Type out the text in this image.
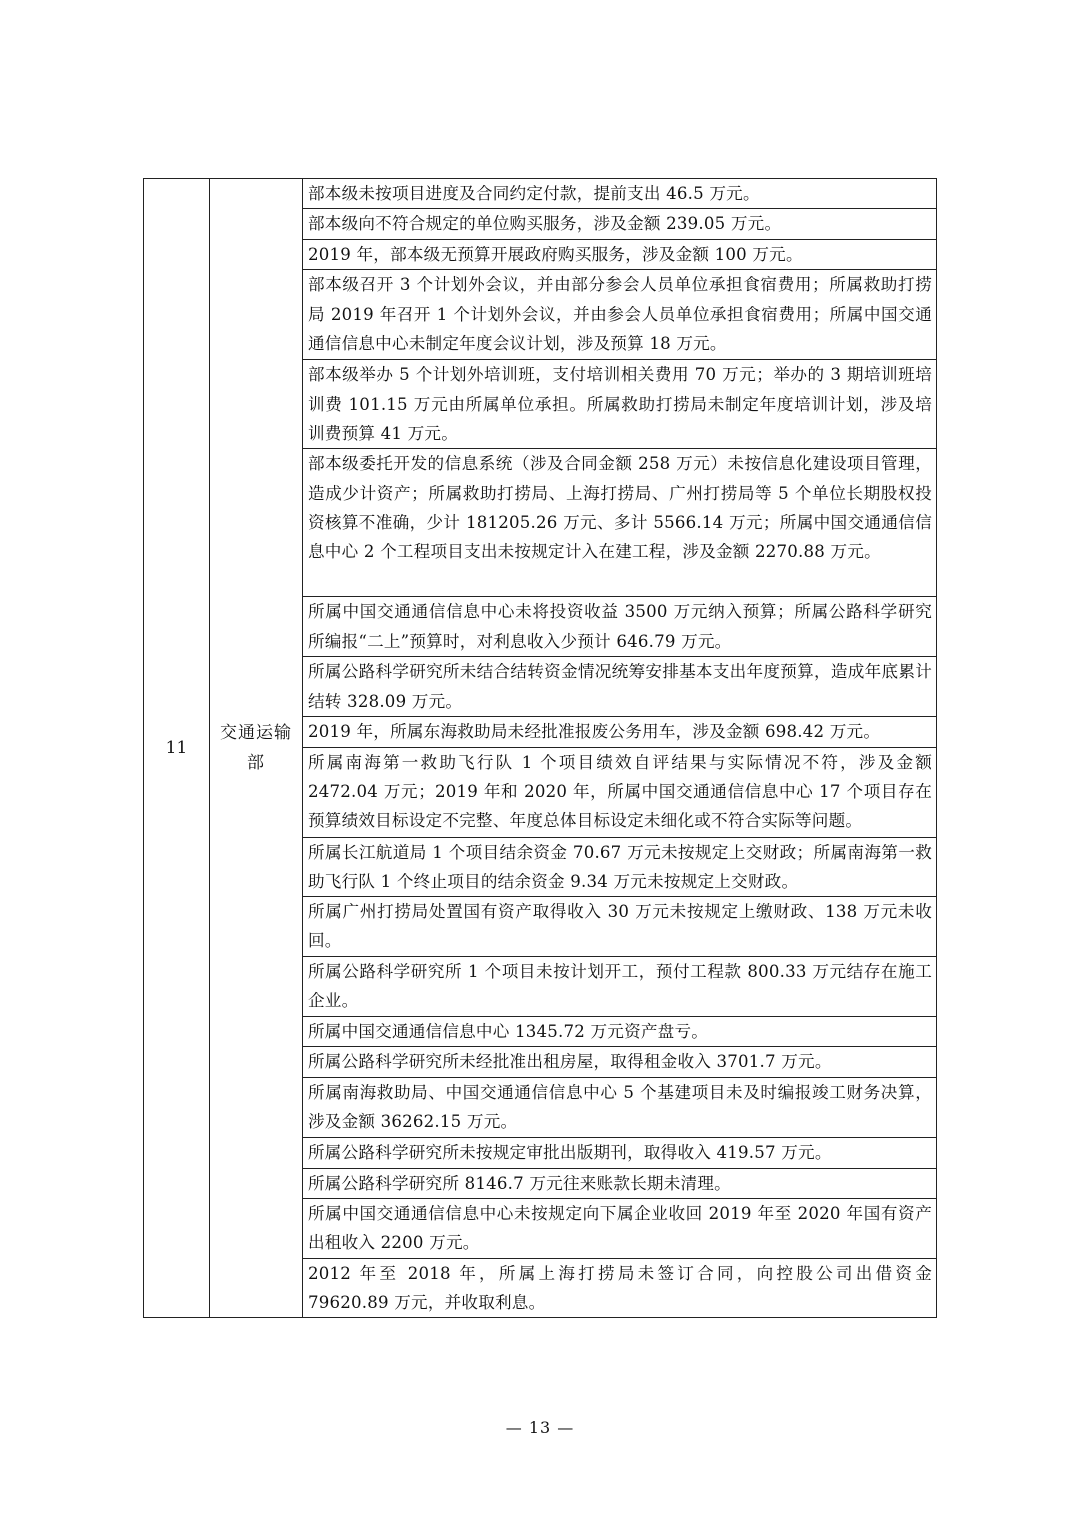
11	交通运输部	部本级未按项目进度及合同约定付款，提前支出 46.5 万元。
部本级向不符合规定的单位购买服务，涉及金额 239.05 万元。
2019 年，部本级无预算开展政府购买服务，涉及金额 100 万元。
部本级召开 3 个计划外会议，并由部分参会人员单位承担食宿费用；所属救助打捞局 2019 年召开 1 个计划外会议，并由参会人员单位承担食宿费用；所属中国交通通信信息中心未制定年度会议计划，涉及预算 18 万元。
部本级举办 5 个计划外培训班，支付培训相关费用 70 万元；举办的 3 期培训班培训费 101.15 万元由所属单位承担。所属救助打捞局未制定年度培训计划，涉及培训费预算 41 万元。
部本级委托开发的信息系统（涉及合同金额 258 万元）未按信息化建设项目管理，造成少计资产；所属救助打捞局、上海打捞局、广州打捞局等 5 个单位长期股权投资核算不准确，少计 181205.26 万元、多计 5566.14 万元；所属中国交通通信信息中心 2 个工程项目支出未按规定计入在建工程，涉及金额 2270.88 万元。
所属中国交通通信信息中心未将投资收益 3500 万元纳入预算；所属公路科学研究所编报“二上”预算时，对利息收入少预计 646.79 万元。
所属公路科学研究所未结合结转资金情况统筹安排基本支出年度预算，造成年底累计结转 328.09 万元。
2019 年，所属东海救助局未经批准报废公务用车，涉及金额 698.42 万元。
所属南海第一救助飞行队 1 个项目绩效自评结果与实际情况不符，涉及金额 2472.04 万元；2019 年和 2020 年，所属中国交通通信信息中心 17 个项目存在预算绩效目标设定不完整、年度总体目标设定未细化或不符合实际等问题。
所属长江航道局 1 个项目结余资金 70.67 万元未按规定上交财政；所属南海第一救助飞行队 1 个终止项目的结余资金 9.34 万元未按规定上交财政。
所属广州打捞局处置国有资产取得收入 30 万元未按规定上缴财政、138 万元未收回。
所属公路科学研究所 1 个项目未按计划开工，预付工程款 800.33 万元结存在施工企业。
所属中国交通通信信息中心 1345.72 万元资产盘亏。
所属公路科学研究所未经批准出租房屋，取得租金收入 3701.7 万元。
所属南海救助局、中国交通通信信息中心 5 个基建项目未及时编报竣工财务决算，涉及金额 36262.15 万元。
所属公路科学研究所未按规定审批出版期刊，取得收入 419.57 万元。
所属公路科学研究所 8146.7 万元往来账款长期未清理。
所属中国交通通信信息中心未按规定向下属企业收回 2019 年至 2020 年国有资产出租收入 2200 万元。
2012 年至 2018 年，所属上海打捞局未签订合同，向控股公司出借资金 79620.89 万元，并收取利息。
— 13 —
